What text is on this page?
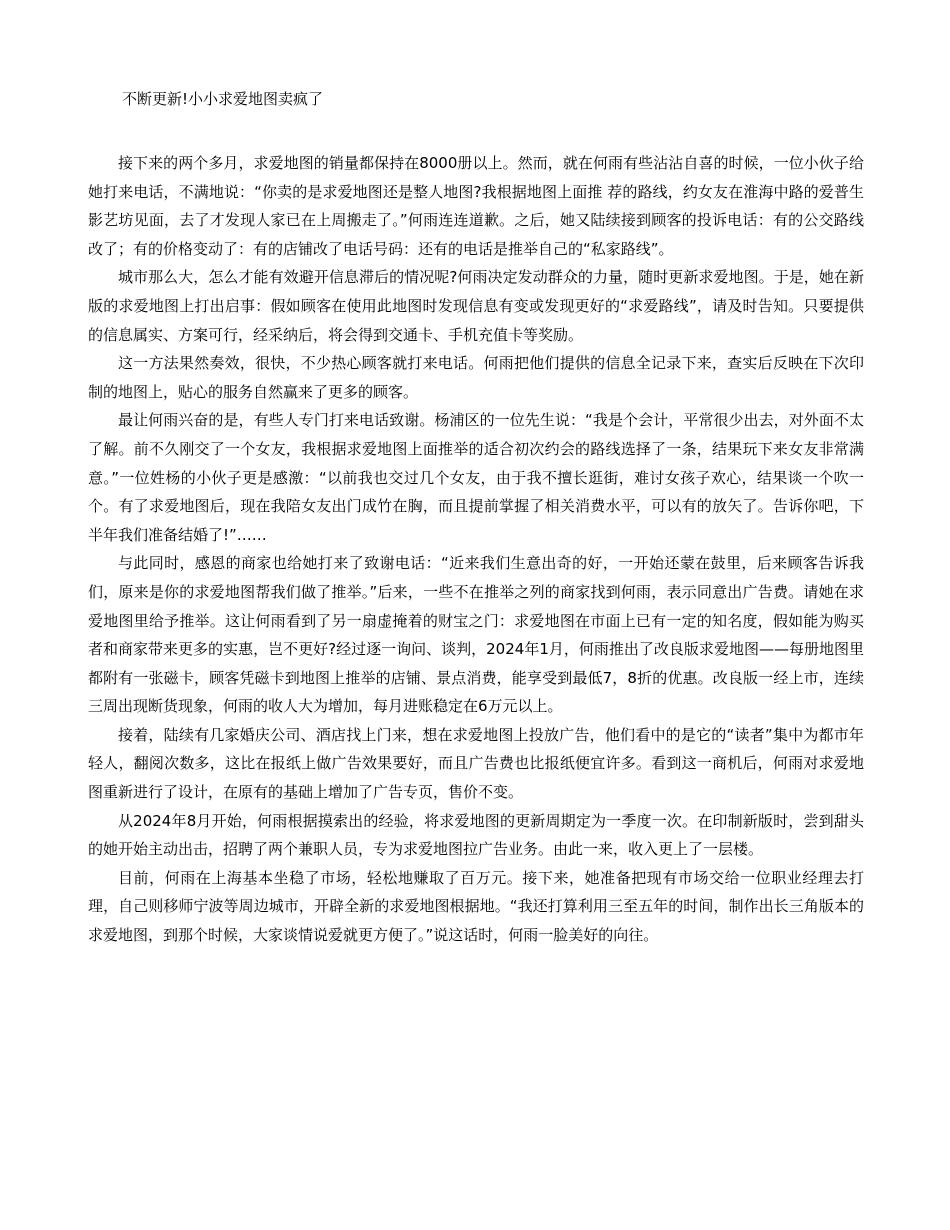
不断更新!小小求爱地图卖疯了

接下来的两个多月，求爱地图的销量都保持在8000册以上。然而，就在何雨有些沾沾自喜的时候，一位小伙子给她打来电话，不满地说：“你卖的是求爱地图还是整人地图?我根据地图上面推 荐的路线，约女友在淮海中路的爱普生影艺坊见面，去了才发现人家已在上周搬走了。”何雨连连道歉。之后，她又陆续接到顾客的投诉电话：有的公交路线改了；有的价格变动了：有的店铺改了电话号码：还有的电话是推举自己的“私家路线”。

城市那么大，怎么才能有效避开信息滞后的情况呢?何雨决定发动群众的力量，随时更新求爱地图。于是，她在新版的求爱地图上打出启事：假如顾客在使用此地图时发现信息有变或发现更好的“求爱路线”，请及时告知。只要提供的信息属实、方案可行，经采纳后，将会得到交通卡、手机充值卡等奖励。

这一方法果然奏效，很快，不少热心顾客就打来电话。何雨把他们提供的信息全记录下来，查实后反映在下次印制的地图上，贴心的服务自然赢来了更多的顾客。

最让何雨兴奋的是，有些人专门打来电话致谢。杨浦区的一位先生说：“我是个会计，平常很少出去，对外面不太了解。前不久刚交了一个女友，我根据求爱地图上面推举的适合初次约会的路线选择了一条，结果玩下来女友非常满意。”一位姓杨的小伙子更是感激：“以前我也交过几个女友，由于我不擅长逛街，难讨女孩子欢心，结果谈一个吹一个。有了求爱地图后，现在我陪女友出门成竹在胸，而且提前掌握了相关消费水平，可以有的放矢了。告诉你吧，下半年我们准备结婚了!”……

与此同时，感恩的商家也给她打来了致谢电话：“近来我们生意出奇的好，一开始还蒙在鼓里，后来顾客告诉我们，原来是你的求爱地图帮我们做了推举。”后来，一些不在推举之列的商家找到何雨，表示同意出广告费。请她在求爱地图里给予推举。这让何雨看到了另一扇虚掩着的财宝之门：求爱地图在市面上已有一定的知名度，假如能为购买者和商家带来更多的实惠，岂不更好?经过逐一询问、谈判，2024年1月，何雨推出了改良版求爱地图——每册地图里都附有一张磁卡，顾客凭磁卡到地图上推举的店铺、景点消费，能享受到最低7，8折的优惠。改良版一经上市，连续三周出现断货现象，何雨的收人大为增加，每月进账稳定在6万元以上。

接着，陆续有几家婚庆公司、酒店找上门来，想在求爱地图上投放广告，他们看中的是它的“读者”集中为都市年轻人，翻阅次数多，这比在报纸上做广告效果要好，而且广告费也比报纸便宜许多。看到这一商机后，何雨对求爱地图重新进行了设计，在原有的基础上增加了广告专页，售价不变。

从2024年8月开始，何雨根据摸索出的经验，将求爱地图的更新周期定为一季度一次。在印制新版时，尝到甜头的她开始主动出击，招聘了两个兼职人员，专为求爱地图拉广告业务。由此一来，收入更上了一层楼。

目前，何雨在上海基本坐稳了市场，轻松地赚取了百万元。接下来，她准备把现有市场交给一位职业经理去打理，自己则移师宁波等周边城市，开辟全新的求爱地图根据地。“我还打算利用三至五年的时间，制作出长三角版本的求爱地图，到那个时候，大家谈情说爱就更方便了。”说这话时，何雨一脸美好的向往。
